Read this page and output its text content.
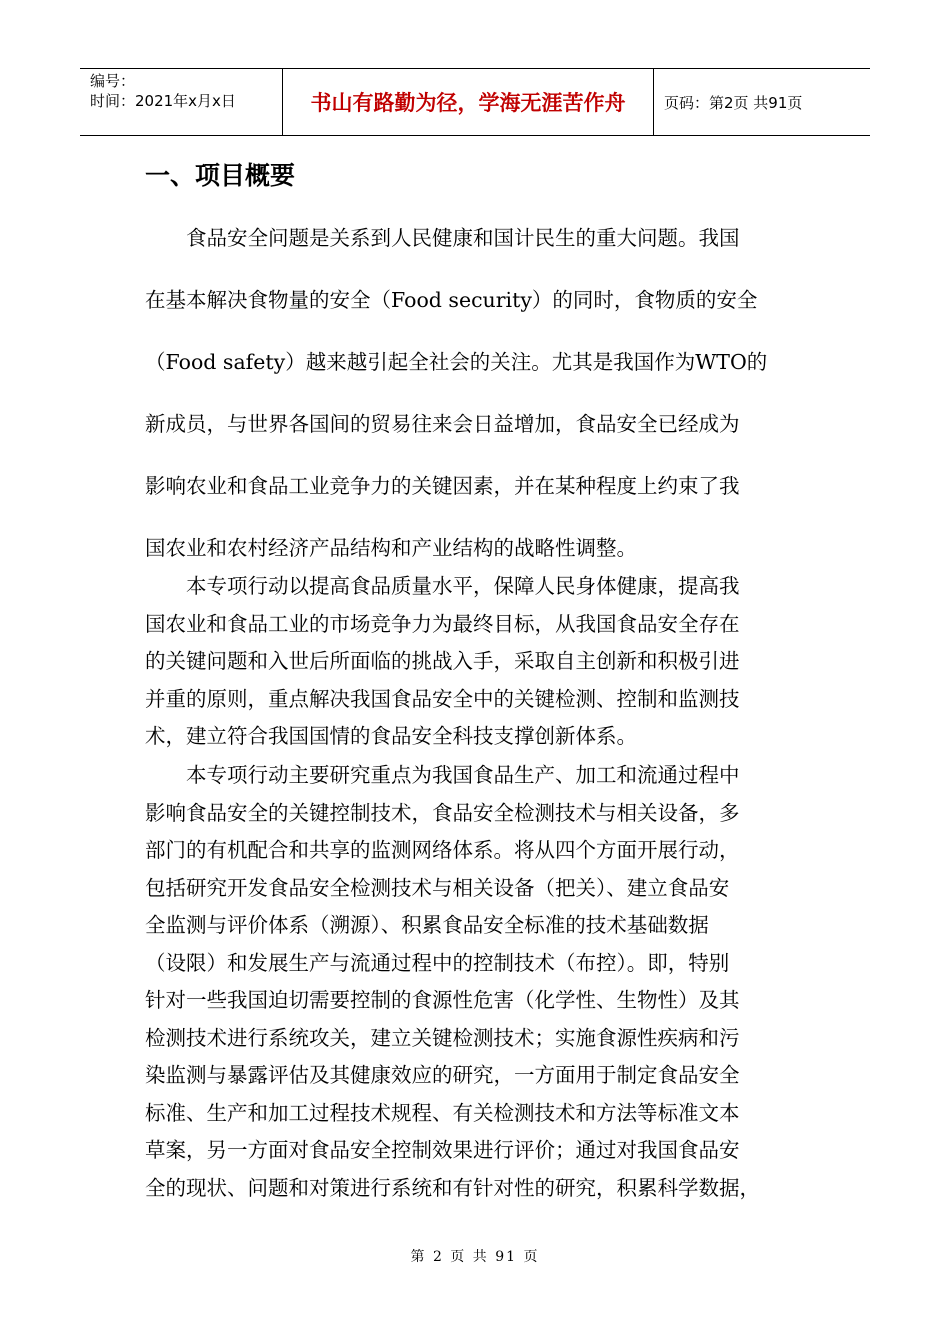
编号：
时间：2021年x月x日	书山有路勤为径，学海无涯苦作舟	页码：第2页 共91页
一、项目概要
食品安全问题是关系到人民健康和国计民生的重大问题。我国
在基本解决食物量的安全（Food security）的同时，食物质的安全
（Food safety）越来越引起全社会的关注。尤其是我国作为WTO的
新成员，与世界各国间的贸易往来会日益增加，食品安全已经成为
影响农业和食品工业竞争力的关键因素，并在某种程度上约束了我
国农业和农村经济产品结构和产业结构的战略性调整。
本专项行动以提高食品质量水平，保障人民身体健康，提高我
国农业和食品工业的市场竞争力为最终目标，从我国食品安全存在
的关键问题和入世后所面临的挑战入手，采取自主创新和积极引进
并重的原则，重点解决我国食品安全中的关键检测、控制和监测技
术，建立符合我国国情的食品安全科技支撑创新体系。
本专项行动主要研究重点为我国食品生产、加工和流通过程中
影响食品安全的关键控制技术，食品安全检测技术与相关设备，多
部门的有机配合和共享的监测网络体系。将从四个方面开展行动，
包括研究开发食品安全检测技术与相关设备（把关）、建立食品安
全监测与评价体系（溯源）、积累食品安全标准的技术基础数据
（设限）和发展生产与流通过程中的控制技术（布控）。即，特别
针对一些我国迫切需要控制的食源性危害（化学性、生物性）及其
检测技术进行系统攻关，建立关键检测技术；实施食源性疾病和污
染监测与暴露评估及其健康效应的研究，一方面用于制定食品安全
标准、生产和加工过程技术规程、有关检测技术和方法等标准文本
草案，另一方面对食品安全控制效果进行评价；通过对我国食品安
全的现状、问题和对策进行系统和有针对性的研究，积累科学数据，
第 2 页 共 91 页
